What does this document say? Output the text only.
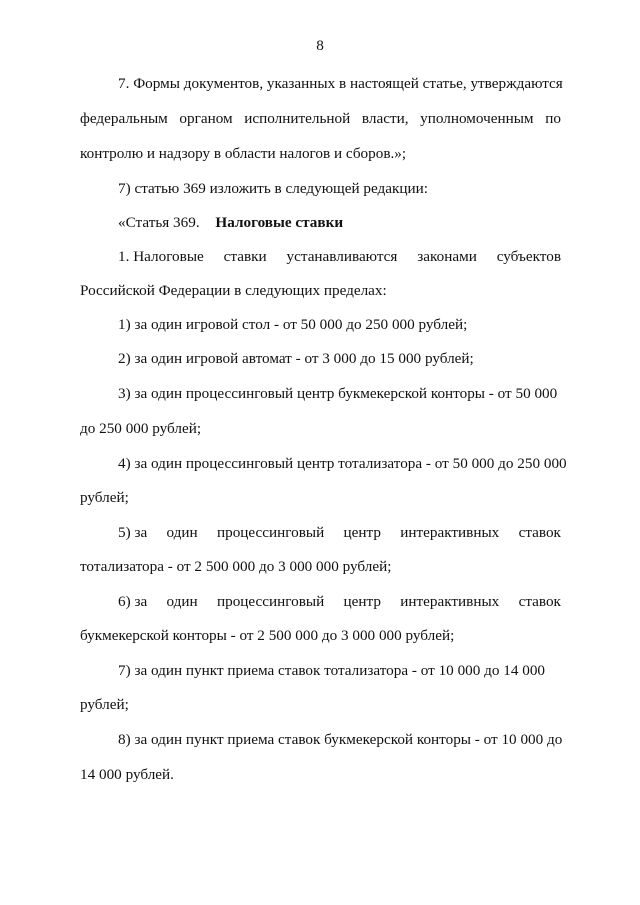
8
7. Формы документов, указанных в настоящей статье, утверждаются
федеральным органом исполнительной власти, уполномоченным по
контролю и надзору в области налогов и сборов.»;
7) статью 369 изложить в следующей редакции:
«Статья 369. Налоговые ставки
1. Налоговые ставки устанавливаются законами субъектов
Российской Федерации в следующих пределах:
1) за один игровой стол - от 50 000 до 250 000 рублей;
2) за один игровой автомат - от 3 000 до 15 000 рублей;
3) за один процессинговый центр букмекерской конторы - от 50 000
до 250 000 рублей;
4) за один процессинговый центр тотализатора - от 50 000 до 250 000
рублей;
5) за один процессинговый центр интерактивных ставок
тотализатора - от 2 500 000 до 3 000 000 рублей;
6) за один процессинговый центр интерактивных ставок
букмекерской конторы - от 2 500 000 до 3 000 000 рублей;
7) за один пункт приема ставок тотализатора - от 10 000 до 14 000
рублей;
8) за один пункт приема ставок букмекерской конторы - от 10 000 до
14 000 рублей.
